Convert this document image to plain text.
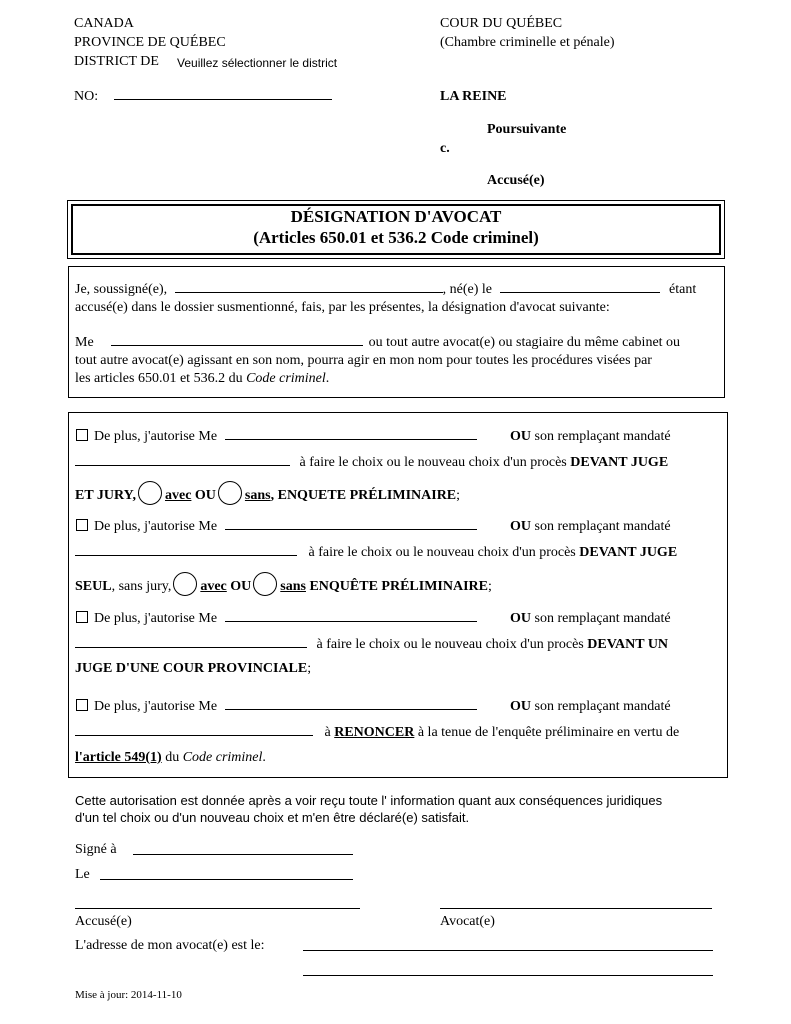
CANADA
PROVINCE DE QUÉBEC
DISTRICT DE Veuillez sélectionner le district
COUR DU QUÉBEC
(Chambre criminelle et pénale)
NO:	LA REINE
Poursuivante
c.
Accusé(e)
DÉSIGNATION D'AVOCAT
(Articles 650.01 et 536.2 Code criminel)
Je, soussigné(e),	, né(e) le	étant
accusé(e) dans le dossier susmentionné, fais, par les présentes, la désignation d'avocat suivante:
Me	ou tout autre avocat(e) ou stagiaire du même cabinet ou
tout autre avocat(e) agissant en son nom, pourra agir en mon nom pour toutes les procédures visées par
les articles 650.01 et 536.2 du Code criminel.
De plus, j'autorise Me	OU son remplaçant mandaté
à faire le choix ou le nouveau choix d'un procès DEVANT JUGE
ET JURY, avec OU sans, ENQUETE PRÉLIMINAIRE;
De plus, j'autorise Me	OU son remplaçant mandaté
à faire le choix ou le nouveau choix d'un procès DEVANT JUGE
SEUL, sans jury, avec OU sans ENQUÊTE PRÉLIMINAIRE;
De plus, j'autorise Me	OU son remplaçant mandaté
à faire le choix ou le nouveau choix d'un procès DEVANT UN
JUGE D'UNE COUR PROVINCIALE;
De plus, j'autorise Me	OU son remplaçant mandaté
à RENONCER à la tenue de l'enquête préliminaire en vertu de
l'article 549(1) du Code criminel.
Cette autorisation est donnée après a voir reçu toute l' information quant aux conséquences juridiques
d'un tel choix ou d'un nouveau choix et m'en être déclaré(e) satisfait.
Signé à
Le
Accusé(e)	Avocat(e)
L'adresse de mon avocat(e) est le:
Mise à jour: 2014-11-10
